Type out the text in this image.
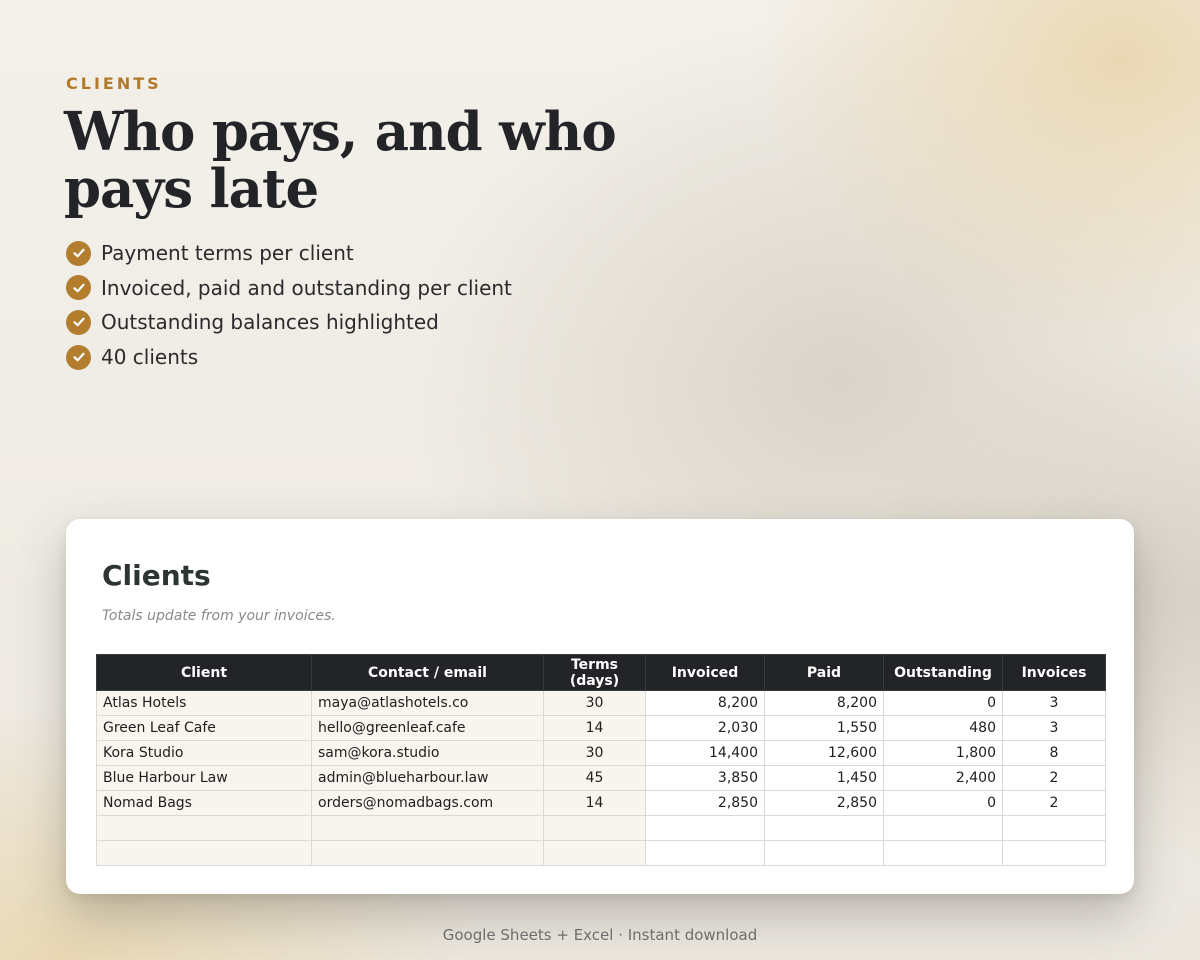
CLIENTS
Who pays, and who pays late
Payment terms per client
Invoiced, paid and outstanding per client
Outstanding balances highlighted
40 clients
Clients
Totals update from your invoices.
Client	Contact / email	Terms (days)	Invoiced	Paid	Outstanding	Invoices
Atlas Hotels	maya@atlashotels.co	30	8,200	8,200	0	3
Green Leaf Cafe	hello@greenleaf.cafe	14	2,030	1,550	480	3
Kora Studio	sam@kora.studio	30	14,400	12,600	1,800	8
Blue Harbour Law	admin@blueharbour.law	45	3,850	1,450	2,400	2
Nomad Bags	orders@nomadbags.com	14	2,850	2,850	0	2

Google Sheets + Excel · Instant download
